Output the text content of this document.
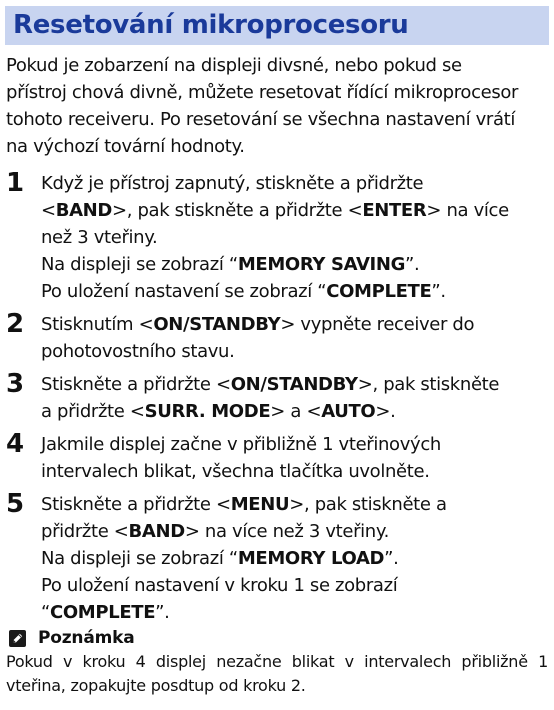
Resetování mikroprocesoru
Pokud je zobarzení na displeji divsné, nebo pokud se
přístroj chová divně, můžete resetovat řídící mikroprocesor
tohoto receiveru. Po resetování se všechna nastavení vrátí
na výchozí tovární hodnoty.
1 Když je přístroj zapnutý, stiskněte a přidržte
<BAND>, pak stiskněte a přidržte <ENTER> na více
než 3 vteřiny.
Na displeji se zobrazí “MEMORY SAVING”.
Po uložení nastavení se zobrazí “COMPLETE”.
2 Stisknutím <ON/STANDBY> vypněte receiver do
pohotovostního stavu.
3 Stiskněte a přidržte <ON/STANDBY>, pak stiskněte
a přidržte <SURR. MODE> a <AUTO>.
4 Jakmile displej začne v přibližně 1 vteřinových
intervalech blikat, všechna tlačítka uvolněte.
5 Stiskněte a přidržte <MENU>, pak stiskněte a
přidržte <BAND> na více než 3 vteřiny.
Na displeji se zobrazí “MEMORY LOAD”.
Po uložení nastavení v kroku 1 se zobrazí
“COMPLETE”.
Poznámka
Pokud v kroku 4 displej nezačne blikat v intervalech přibližně 1 vteřina, zopakujte posdtup od kroku 2.
